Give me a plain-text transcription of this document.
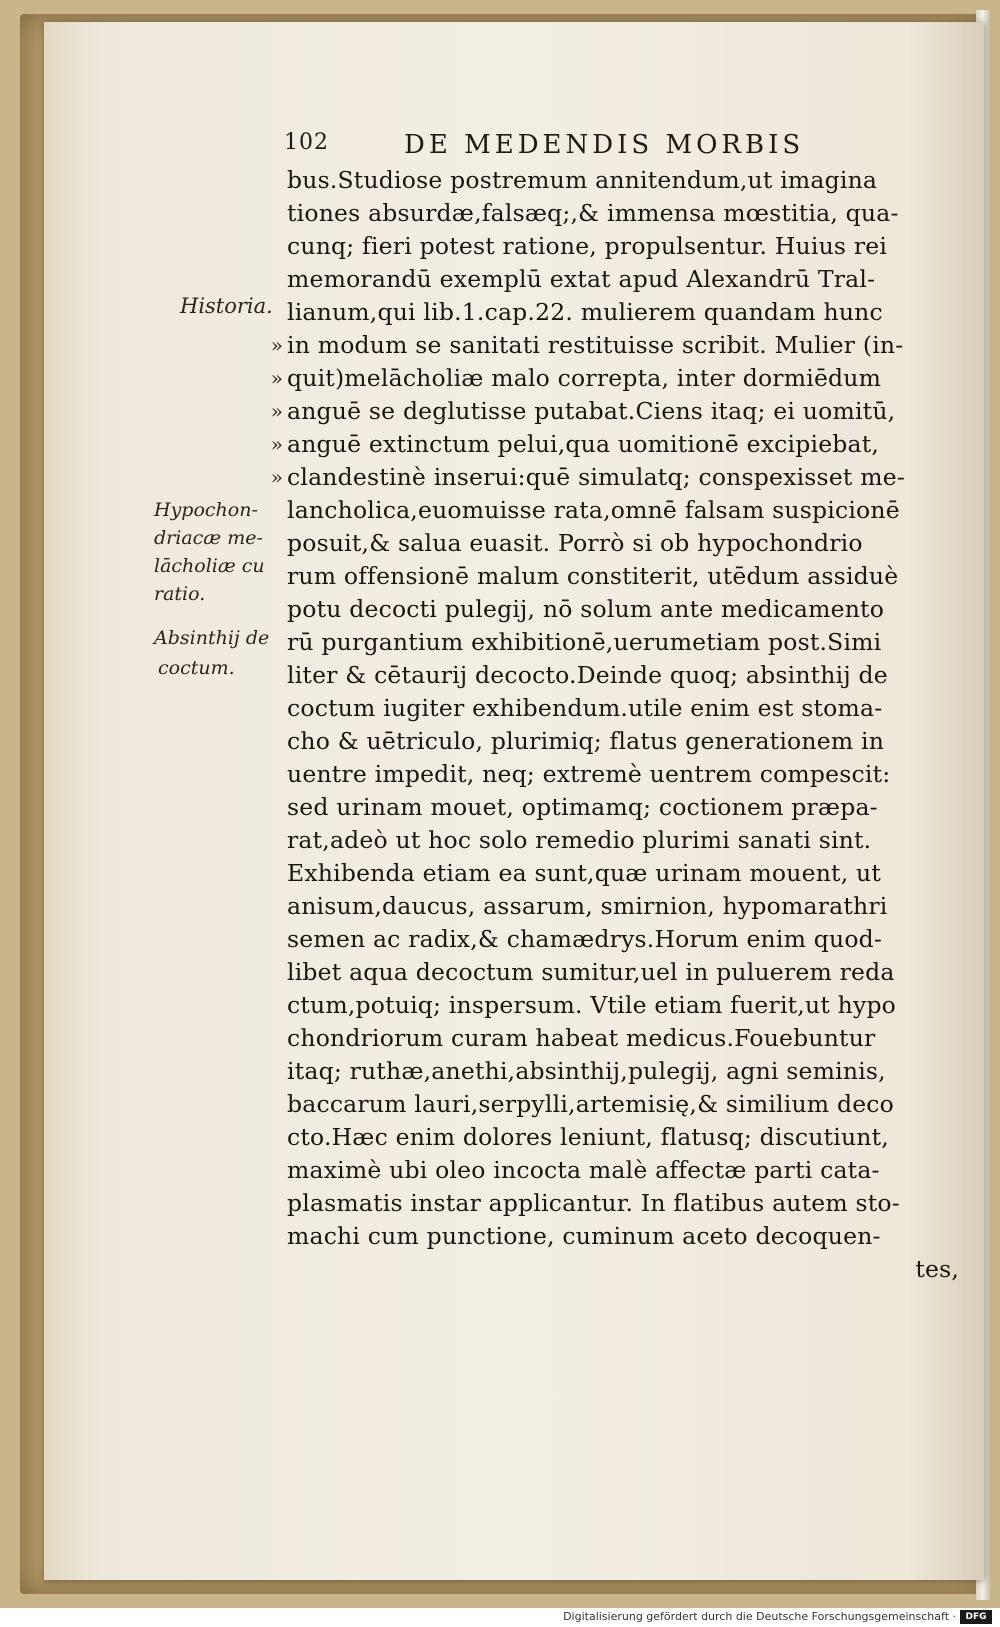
102	DE MEDENDIS MORBIS
bus.Studiose postremum annitendum,ut imagina
tiones absurdæ,falsæq;,& immensa mœstitia, qua-
cunq; fieri potest ratione, propulsentur. Huius rei
memorandū exemplū extat apud Alexandrū Tral-
lianum,qui lib.1.cap.22. mulierem quandam hunc
in modum se sanitati restituisse scribit. Mulier (in-
quit)melācholiæ malo correpta, inter dormiēdum
anguē se deglutisse putabat.Ciens itaq; ei uomitū,
anguē extinctum pelui,qua uomitionē excipiebat,
clandestinè inserui:quē simulatq; conspexisset me-
lancholica,euomuisse rata,omnē falsam suspicionē
posuit,& salua euasit. Porrò si ob hypochondrio
rum offensionē malum constiterit, utēdum assiduè
potu decocti pulegij, nō solum ante medicamento
rū purgantium exhibitionē,uerumetiam post.Simi
liter & cētaurij decocto.Deinde quoq; absinthij de
coctum iugiter exhibendum.utile enim est stoma-
cho & uētriculo, plurimiq; flatus generationem in
uentre impedit, neq; extremè uentrem compescit:
sed urinam mouet, optimamq; coctionem præpa-
rat,adeò ut hoc solo remedio plurimi sanati sint.
Exhibenda etiam ea sunt,quæ urinam mouent, ut
anisum,daucus, assarum, smirnion, hypomarathri
semen ac radix,& chamædrys.Horum enim quod-
libet aqua decoctum sumitur,uel in puluerem reda
ctum,potuiq; inspersum. Vtile etiam fuerit,ut hypo
chondriorum curam habeat medicus.Fouebuntur
itaq; ruthæ,anethi,absinthij,pulegij, agni seminis,
baccarum lauri,serpylli,artemisię,& similium deco
cto.Hæc enim dolores leniunt, flatusq; discutiunt,
maximè ubi oleo incocta malè affectæ parti cata-
plasmatis instar applicantur. In flatibus autem sto-
machi cum punctione, cuminum aceto decoquen-
tes,
Historia.
Hypochon-
driacæ me-
lācholiæ cu
ratio.
Absinthij de
coctum.
»
»
»
»
»
Digitalisierung gefördert durch die Deutsche Forschungsgemeinschaft ·	DFG
